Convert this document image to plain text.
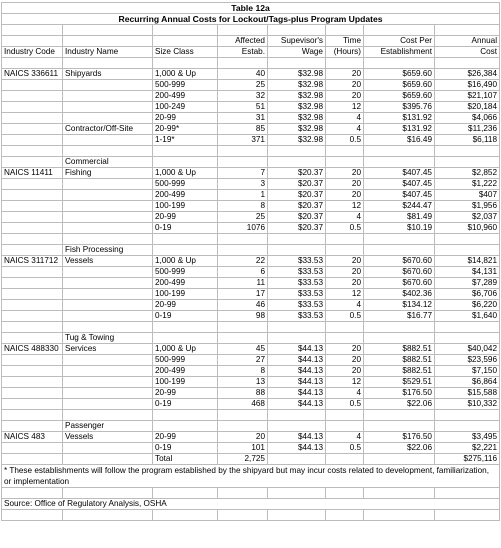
Table 12a							
Recurring Annual Costs for Lockout/Tags-plus Program Updates							

			Affected	Supevisor's	Time	Cost Per	Annual
Industry Code	Industry Name	Size Class	Estab.	Wage	(Hours)	Establishment	Cost

NAICS 336611	Shipyards	1,000 & Up	40	$32.98	20	$659.60	$26,384
		500-999	25	$32.98	20	$659.60	$16,490
		200-499	32	$32.98	20	$659.60	$21,107
		100-249	51	$32.98	12	$395.76	$20,184
		20-99	31	$32.98	4	$131.92	$4,066
	Contractor/Off-Site	20-99*	85	$32.98	4	$131.92	$11,236
		1-19*	371	$32.98	0.5	$16.49	$6,118

	Commercial						
NAICS 11411	Fishing	1,000 & Up	7	$20.37	20	$407.45	$2,852
		500-999	3	$20.37	20	$407.45	$1,222
		200-499	1	$20.37	20	$407.45	$407
		100-199	8	$20.37	12	$244.47	$1,956
		20-99	25	$20.37	4	$81.49	$2,037
		0-19	1076	$20.37	0.5	$10.19	$10,960

	Fish Processing						
NAICS 311712	Vessels	1,000 & Up	22	$33.53	20	$670.60	$14,821
		500-999	6	$33.53	20	$670.60	$4,131
		200-499	11	$33.53	20	$670.60	$7,289
		100-199	17	$33.53	12	$402.36	$6,706
		20-99	46	$33.53	4	$134.12	$6,220
		0-19	98	$33.53	0.5	$16.77	$1,640

	Tug & Towing						
NAICS 488330	Services	1,000 & Up	45	$44.13	20	$882.51	$40,042
		500-999	27	$44.13	20	$882.51	$23,596
		200-499	8	$44.13	20	$882.51	$7,150
		100-199	13	$44.13	12	$529.51	$6,864
		20-99	88	$44.13	4	$176.50	$15,588
		0-19	468	$44.13	0.5	$22.06	$10,332

	Passenger						
NAICS 483	Vessels	20-99	20	$44.13	4	$176.50	$3,495
		0-19	101	$44.13	0.5	$22.06	$2,221
		Total	2,725				$275,116
* These establishments will follow the program established by the shipyard but may incur costs related to development, familiarization, or implementation							

Source: Office of Regulatory Analysis, OSHA							
